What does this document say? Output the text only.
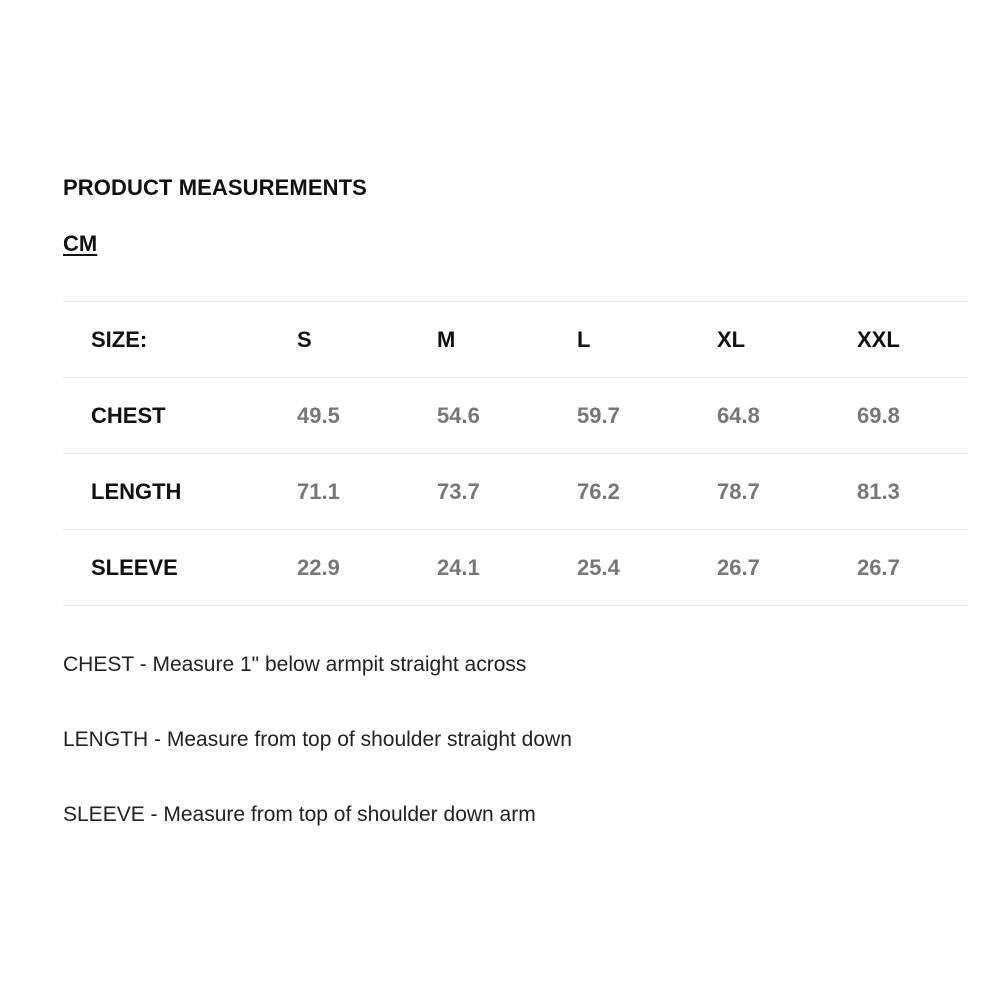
PRODUCT MEASUREMENTS
CM
SIZE:	S	M	L	XL	XXL
CHEST	49.5	54.6	59.7	64.8	69.8
LENGTH	71.1	73.7	76.2	78.7	81.3
SLEEVE	22.9	24.1	25.4	26.7	26.7
CHEST - Measure 1" below armpit straight across
LENGTH - Measure from top of shoulder straight down
SLEEVE - Measure from top of shoulder down arm
